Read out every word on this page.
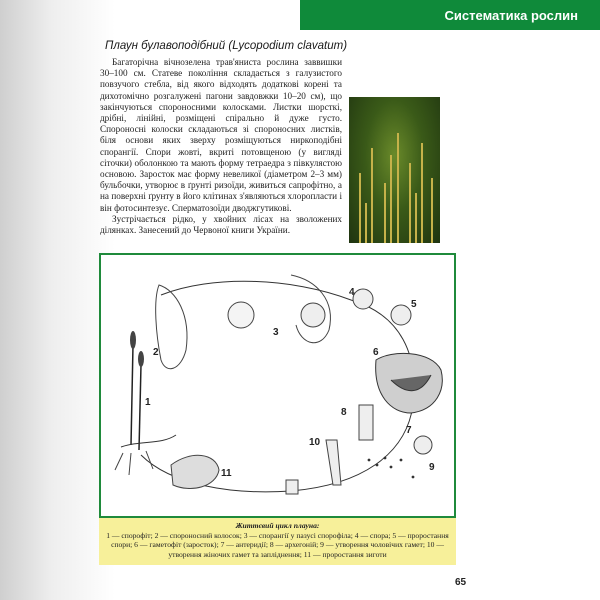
Систематика рослин
Плаун булавоподібний (Lycopodium clavatum)

Багаторічна вічнозелена трав'яниста рослина заввишки 30–100 см. Статеве покоління складається з галузистого повзучого стебла, від якого відходять додаткові корені та дихотомічно розгалужені пагони завдовжки 10–20 см), що закінчуються спороносними колосками. Листки шорсткі, дрібні, лінійні, розміщені спірально й дуже густо. Спороносні колоски складаються зі спороносних листків, біля основи яких зверху розміщуються ниркоподібні спорангії. Спори жовті, вкриті потовщеною (у вигляді сіточки) оболонкою та мають форму тетраедра з півкулястою основою. Заросток має форму невеликої (діаметром 2–3 мм) бульбочки, утворює в ґрунті ризоїди, живиться сапрофітно, а на поверхні ґрунту в його клітинах з'являються хлоропласти і він фотосинтезує. Сперматозоїди дводжгутикові.

Зустрічається рідко, у хвойних лісах на зволожених ділянках. Занесений до Червоної книги України.

1
2
3
4
5
6
7
8
9
10
11
Життєвий цикл плауна:
1 — спорофіт; 2 — спороносний колосок; 3 — спорангії у пазусі спорофіла; 4 — спора; 5 — проростання спори; 6 — гаметофіт (заросток); 7 — антеридії; 8 — архегоній; 9 — утворення чоловічих гамет; 10 — утворення жіночих гамет та запліднення; 11 — проростання зиготи
65
